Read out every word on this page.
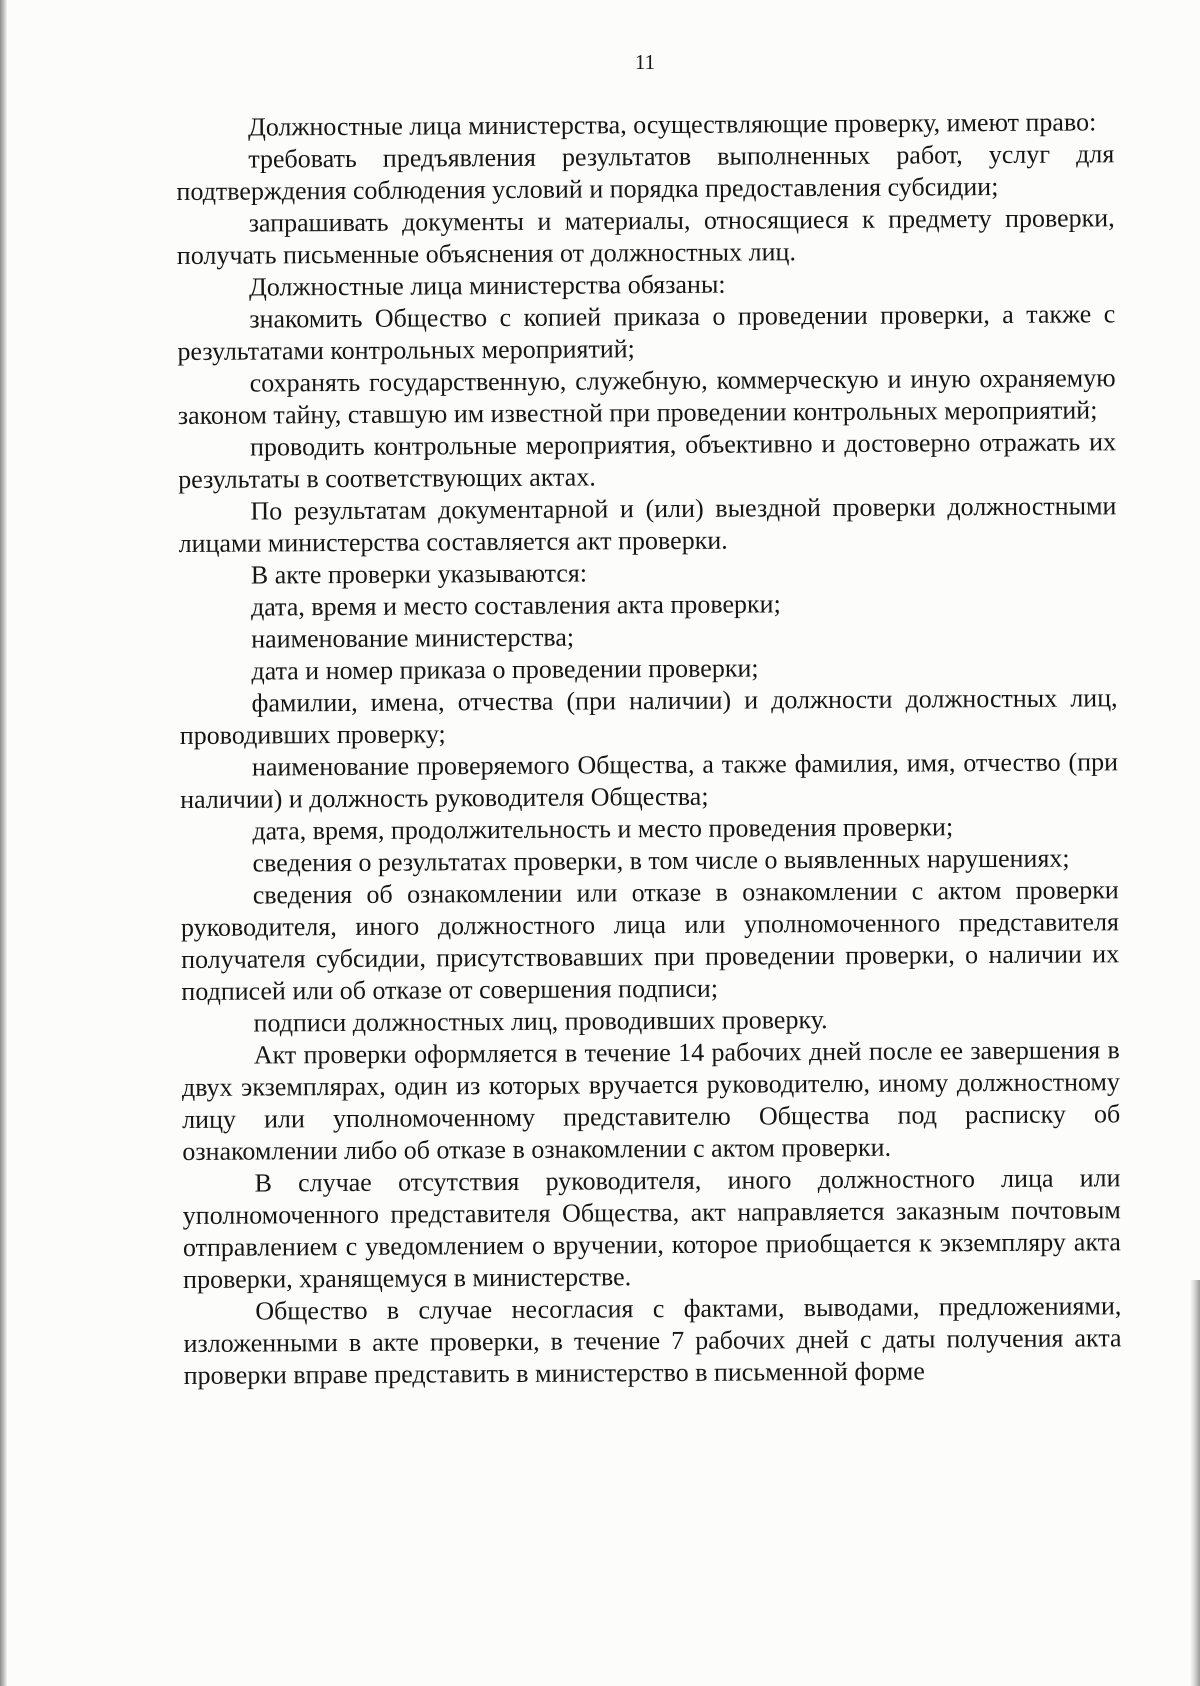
11

Должностные лица министерства, осуществляющие проверку, имеют право:

требовать предъявления результатов выполненных работ, услуг для подтверждения соблюдения условий и порядка предоставления субсидии;

запрашивать документы и материалы, относящиеся к предмету проверки, получать письменные объяснения от должностных лиц.

Должностные лица министерства обязаны:

знакомить Общество с копией приказа о проведении проверки, а также с результатами контрольных мероприятий;

сохранять государственную, служебную, коммерческую и иную охраняемую законом тайну, ставшую им известной при проведении контрольных мероприятий;

проводить контрольные мероприятия, объективно и достоверно отражать их результаты в соответствующих актах.

По результатам документарной и (или) выездной проверки должностными лицами министерства составляется акт проверки.

В акте проверки указываются:

дата, время и место составления акта проверки;

наименование министерства;

дата и номер приказа о проведении проверки;

фамилии, имена, отчества (при наличии) и должности должностных лиц, проводивших проверку;

наименование проверяемого Общества, а также фамилия, имя, отчество (при наличии) и должность руководителя Общества;

дата, время, продолжительность и место проведения проверки;

сведения о результатах проверки, в том числе о выявленных нарушениях;

сведения об ознакомлении или отказе в ознакомлении с актом проверки руководителя, иного должностного лица или уполномоченного представителя получателя субсидии, присутствовавших при проведении проверки, о наличии их подписей или об отказе от совершения подписи;

подписи должностных лиц, проводивших проверку.

Акт проверки оформляется в течение 14 рабочих дней после ее завершения в двух экземплярах, один из которых вручается руководителю, иному должностному лицу или уполномоченному представителю Общества под расписку об ознакомлении либо об отказе в ознакомлении с актом проверки.

В случае отсутствия руководителя, иного должностного лица или уполномоченного представителя Общества, акт направляется заказным почтовым отправлением с уведомлением о вручении, которое приобщается к экземпляру акта проверки, хранящемуся в министерстве.

Общество в случае несогласия с фактами, выводами, предложениями, изложенными в акте проверки, в течение 7 рабочих дней с даты получения акта проверки вправе представить в министерство в письменной форме
